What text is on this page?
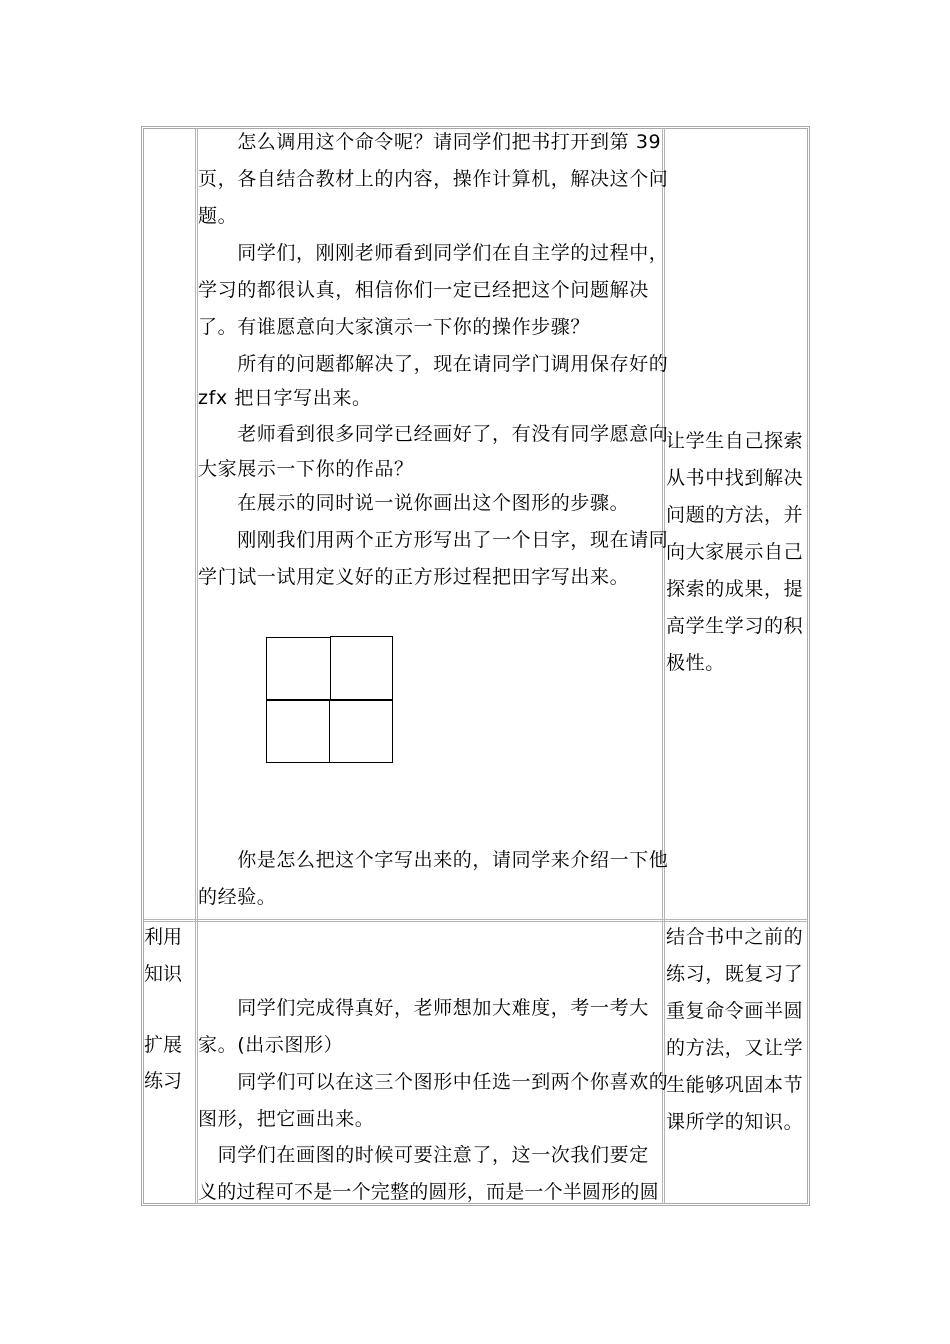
　　怎么调用这个命令呢？请同学们把书打开到第 39
页，各自结合教材上的内容，操作计算机，解决这个问
题。
　　同学们，刚刚老师看到同学们在自主学的过程中，
学习的都很认真，相信你们一定已经把这个问题解决
了。有谁愿意向大家演示一下你的操作步骤？
　　所有的问题都解决了，现在请同学门调用保存好的
zfx 把日字写出来。
　　老师看到很多同学已经画好了，有没有同学愿意向
大家展示一下你的作品？
　　在展示的同时说一说你画出这个图形的步骤。
　　刚刚我们用两个正方形写出了一个日字，现在请同
学门试一试用定义好的正方形过程把田字写出来。
　　你是怎么把这个字写出来的，请同学来介绍一下他
的经验。
让学生自己探索
从书中找到解决
问题的方法，并
向大家展示自己
探索的成果，提
高学生学习的积
极性。
利用
知识
扩展
练习
　　同学们完成得真好，老师想加大难度，考一考大
家。(出示图形）
　　同学们可以在这三个图形中任选一到两个你喜欢的
图形，把它画出来。
　同学们在画图的时候可要注意了，这一次我们要定
义的过程可不是一个完整的圆形，而是一个半圆形的圆
结合书中之前的
练习，既复习了
重复命令画半圆
的方法，又让学
生能够巩固本节
课所学的知识。
